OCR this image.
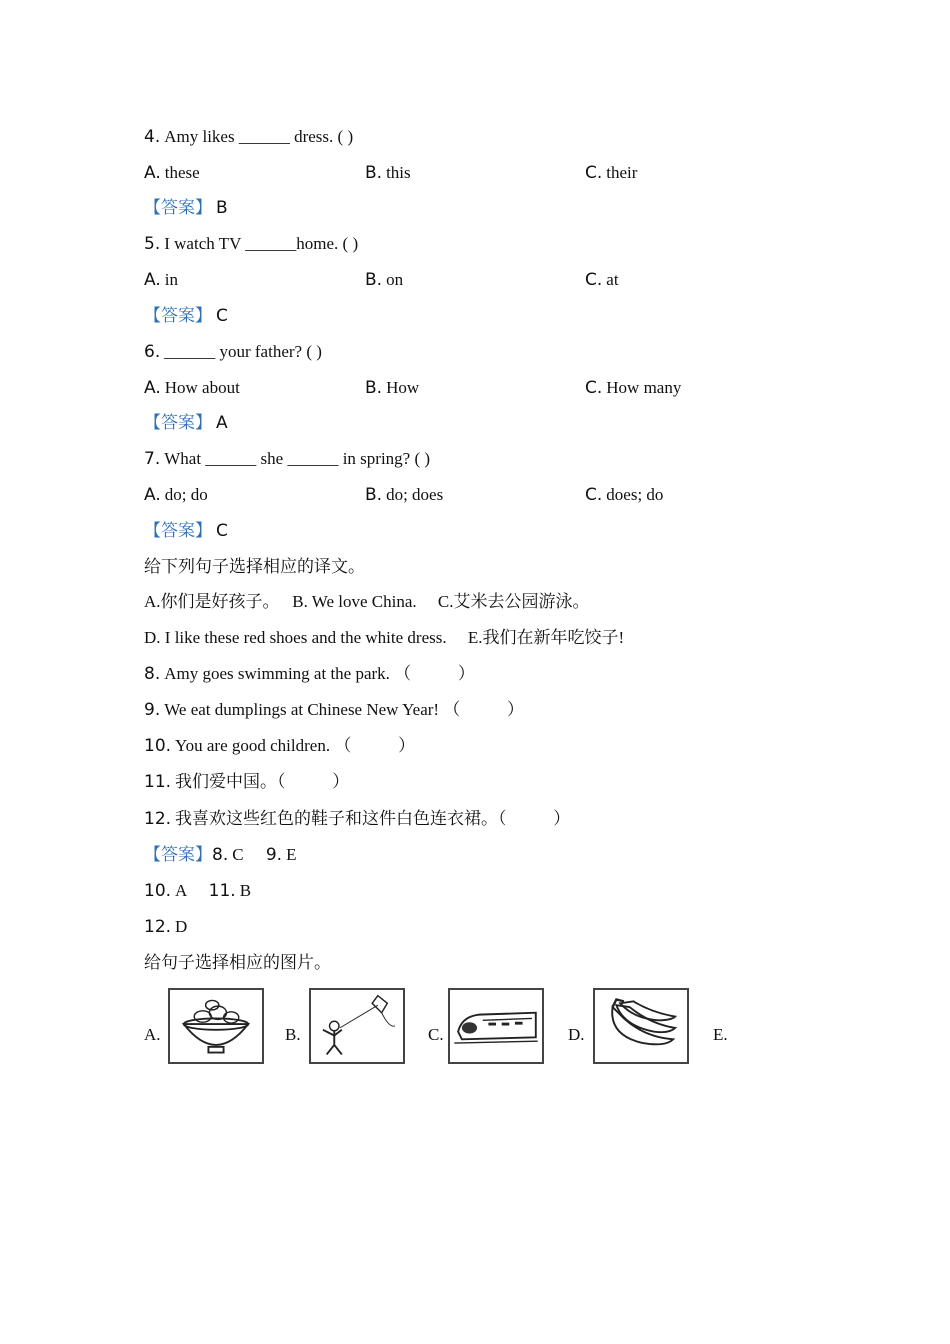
4. Amy likes ______ dress. ( )
A. these	B. this	C. their
【答案】 B
5. I watch TV ______home. ( )
A. in	B. on	C. at
【答案】 C
6. ______ your father? ( )
A. How about	B. How	C. How many
【答案】 A
7. What ______ she ______ in spring? ( )
A. do; do	B. do; does	C. does; do
【答案】 C
给下列句子选择相应的译文。
A.你们是好孩子。   B. We love China.     C.艾米去公园游泳。
D. I like these red shoes and the white dress.     E.我们在新年吃饺子!
8. Amy goes swimming at the park. （           ）
9. We eat dumplings at Chinese New Year! （           ）
10. You are good children. （           ）
11. 我们爱中国。（           ）
12. 我喜欢这些红色的鞋子和这件白色连衣裙。（           ）
【答案】8. C 9. E
10. A 11. B
12. D
给句子选择相应的图片。
A.	B.	C.	D.	E.
